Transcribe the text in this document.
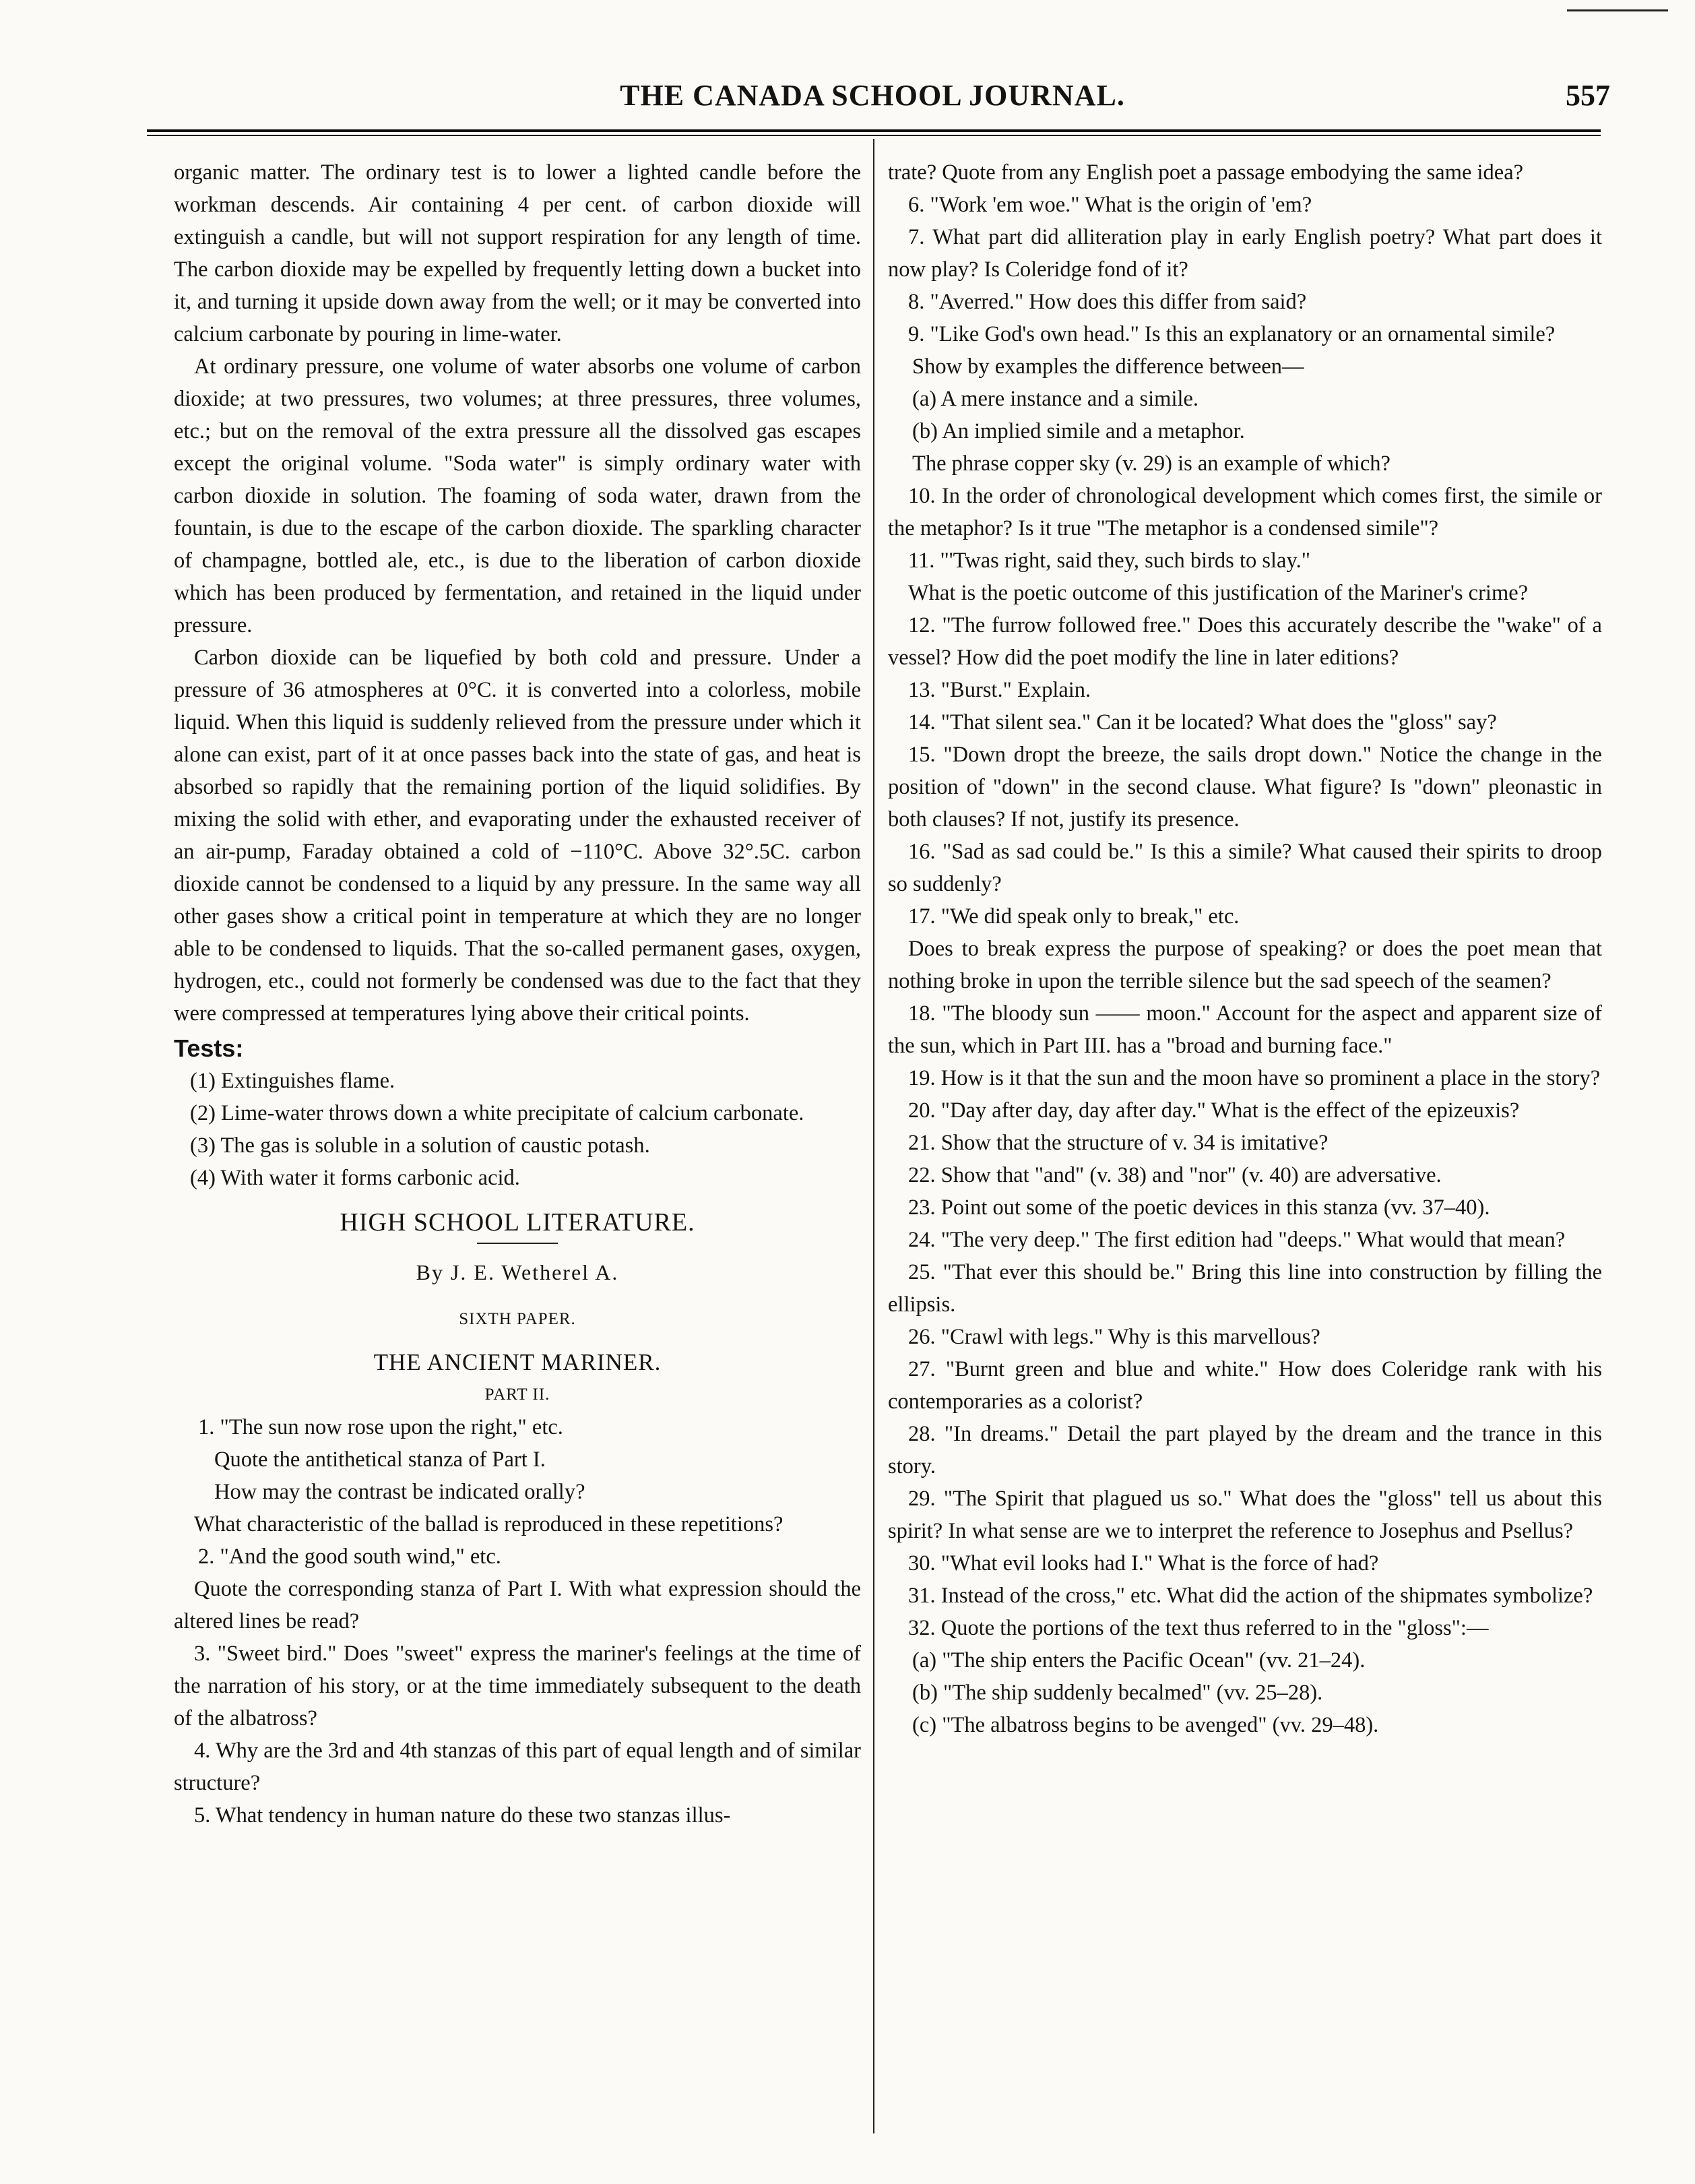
THE CANADA SCHOOL JOURNAL.	557

organic matter. The ordinary test is to lower a lighted candle before the workman descends. Air containing 4 per cent. of carbon dioxide will extinguish a candle, but will not support respiration for any length of time. The carbon dioxide may be expelled by frequently letting down a bucket into it, and turning it upside down away from the well; or it may be converted into calcium carbonate by pouring in lime-water.

At ordinary pressure, one volume of water absorbs one volume of carbon dioxide; at two pressures, two volumes; at three pressures, three volumes, etc.; but on the removal of the extra pressure all the dissolved gas escapes except the original volume. "Soda water" is simply ordinary water with carbon dioxide in solution. The foaming of soda water, drawn from the fountain, is due to the escape of the carbon dioxide. The sparkling character of champagne, bottled ale, etc., is due to the liberation of carbon dioxide which has been produced by fermentation, and retained in the liquid under pressure.

Carbon dioxide can be liquefied by both cold and pressure. Under a pressure of 36 atmospheres at 0°C. it is converted into a colorless, mobile liquid. When this liquid is suddenly relieved from the pressure under which it alone can exist, part of it at once passes back into the state of gas, and heat is absorbed so rapidly that the remaining portion of the liquid solidifies. By mixing the solid with ether, and evaporating under the exhausted receiver of an air-pump, Faraday obtained a cold of −110°C. Above 32°.5C. carbon dioxide cannot be condensed to a liquid by any pressure. In the same way all other gases show a critical point in temperature at which they are no longer able to be condensed to liquids. That the so-called permanent gases, oxygen, hydrogen, etc., could not formerly be condensed was due to the fact that they were compressed at temperatures lying above their critical points.

Tests:

(1) Extinguishes flame.

(2) Lime-water throws down a white precipitate of calcium carbonate.

(3) The gas is soluble in a solution of caustic potash.

(4) With water it forms carbonic acid.

HIGH SCHOOL LITERATURE.

By J. E. Wetherel A.

SIXTH PAPER.

THE ANCIENT MARINER.

PART II.

1. "The sun now rose upon the right," etc.

Quote the antithetical stanza of Part I.

How may the contrast be indicated orally?

What characteristic of the ballad is reproduced in these repetitions?

2. "And the good south wind," etc.

Quote the corresponding stanza of Part I. With what expression should the altered lines be read?

3. "Sweet bird." Does "sweet" express the mariner's feelings at the time of the narration of his story, or at the time immediately subsequent to the death of the albatross?

4. Why are the 3rd and 4th stanzas of this part of equal length and of similar structure?

5. What tendency in human nature do these two stanzas illus-

trate? Quote from any English poet a passage embodying the same idea?

6. "Work 'em woe." What is the origin of 'em?

7. What part did alliteration play in early English poetry? What part does it now play? Is Coleridge fond of it?

8. "Averred." How does this differ from said?

9. "Like God's own head." Is this an explanatory or an ornamental simile?

Show by examples the difference between—

(a) A mere instance and a simile.

(b) An implied simile and a metaphor.

The phrase copper sky (v. 29) is an example of which?

10. In the order of chronological development which comes first, the simile or the metaphor? Is it true "The metaphor is a condensed simile"?

11. "'Twas right, said they, such birds to slay."

What is the poetic outcome of this justification of the Mariner's crime?

12. "The furrow followed free." Does this accurately describe the "wake" of a vessel? How did the poet modify the line in later editions?

13. "Burst." Explain.

14. "That silent sea." Can it be located? What does the "gloss" say?

15. "Down dropt the breeze, the sails dropt down." Notice the change in the position of "down" in the second clause. What figure? Is "down" pleonastic in both clauses? If not, justify its presence.

16. "Sad as sad could be." Is this a simile? What caused their spirits to droop so suddenly?

17. "We did speak only to break," etc.

Does to break express the purpose of speaking? or does the poet mean that nothing broke in upon the terrible silence but the sad speech of the seamen?

18. "The bloody sun —— moon." Account for the aspect and apparent size of the sun, which in Part III. has a "broad and burning face."

19. How is it that the sun and the moon have so prominent a place in the story?

20. "Day after day, day after day." What is the effect of the epizeuxis?

21. Show that the structure of v. 34 is imitative?

22. Show that "and" (v. 38) and "nor" (v. 40) are adversative.

23. Point out some of the poetic devices in this stanza (vv. 37–40).

24. "The very deep." The first edition had "deeps." What would that mean?

25. "That ever this should be." Bring this line into construction by filling the ellipsis.

26. "Crawl with legs." Why is this marvellous?

27. "Burnt green and blue and white." How does Coleridge rank with his contemporaries as a colorist?

28. "In dreams." Detail the part played by the dream and the trance in this story.

29. "The Spirit that plagued us so." What does the "gloss" tell us about this spirit? In what sense are we to interpret the reference to Josephus and Psellus?

30. "What evil looks had I." What is the force of had?

31. Instead of the cross," etc. What did the action of the shipmates symbolize?

32. Quote the portions of the text thus referred to in the "gloss":—

(a) "The ship enters the Pacific Ocean" (vv. 21–24).

(b) "The ship suddenly becalmed" (vv. 25–28).

(c) "The albatross begins to be avenged" (vv. 29–48).
